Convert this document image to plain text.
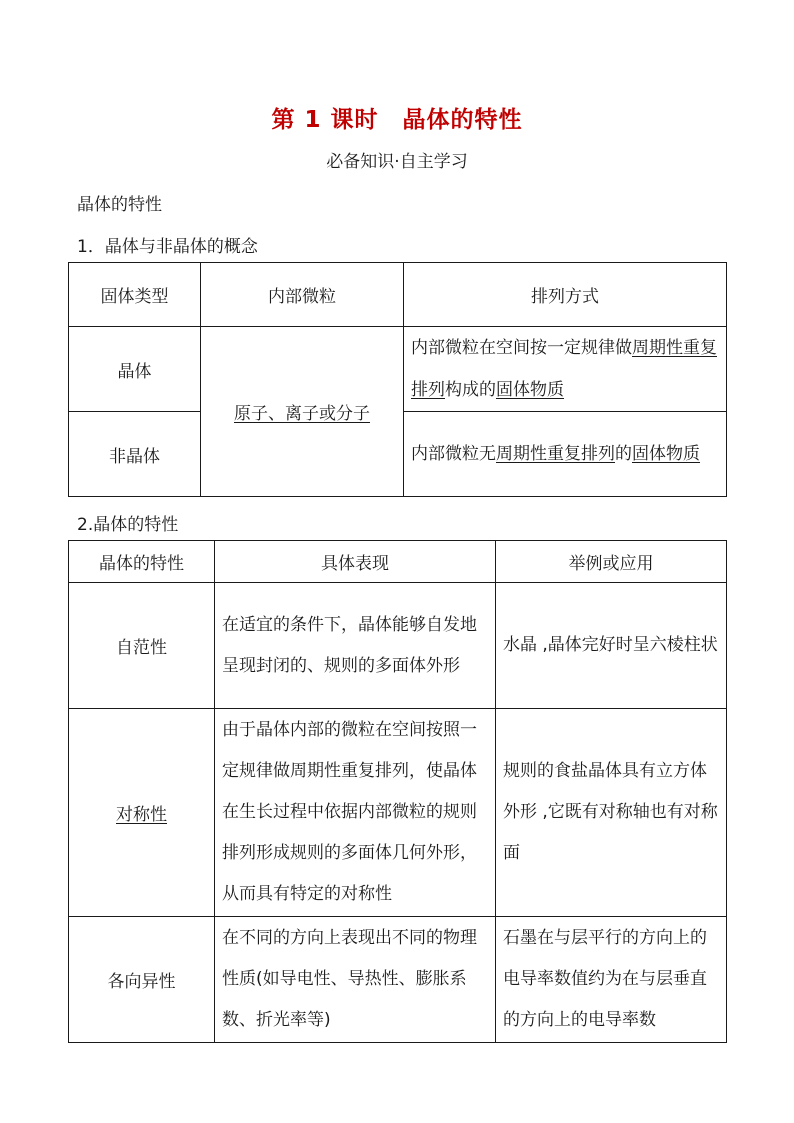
第 1 课时　晶体的特性
必备知识·自主学习
晶体的特性
1．晶体与非晶体的概念
固体类型	内部微粒	排列方式
晶体	原子、离子或分子	内部微粒在空间按一定规律做周期性重复排列构成的固体物质
非晶体		内部微粒无周期性重复排列的固体物质
2.晶体的特性
晶体的特性	具体表现	举例或应用
自范性	在适宜的条件下，晶体能够自发地呈现封闭的、规则的多面体外形	水晶 ,晶体完好时呈六棱柱状
对称性	由于晶体内部的微粒在空间按照一定规律做周期性重复排列，使晶体在生长过程中依据内部微粒的规则排列形成规则的多面体几何外形，从而具有特定的对称性	规则的食盐晶体具有立方体外形 ,它既有对称轴也有对称面
各向异性	在不同的方向上表现出不同的物理性质(如导电性、导热性、膨胀系数、折光率等)	石墨在与层平行的方向上的电导率数值约为在与层垂直的方向上的电导率数
